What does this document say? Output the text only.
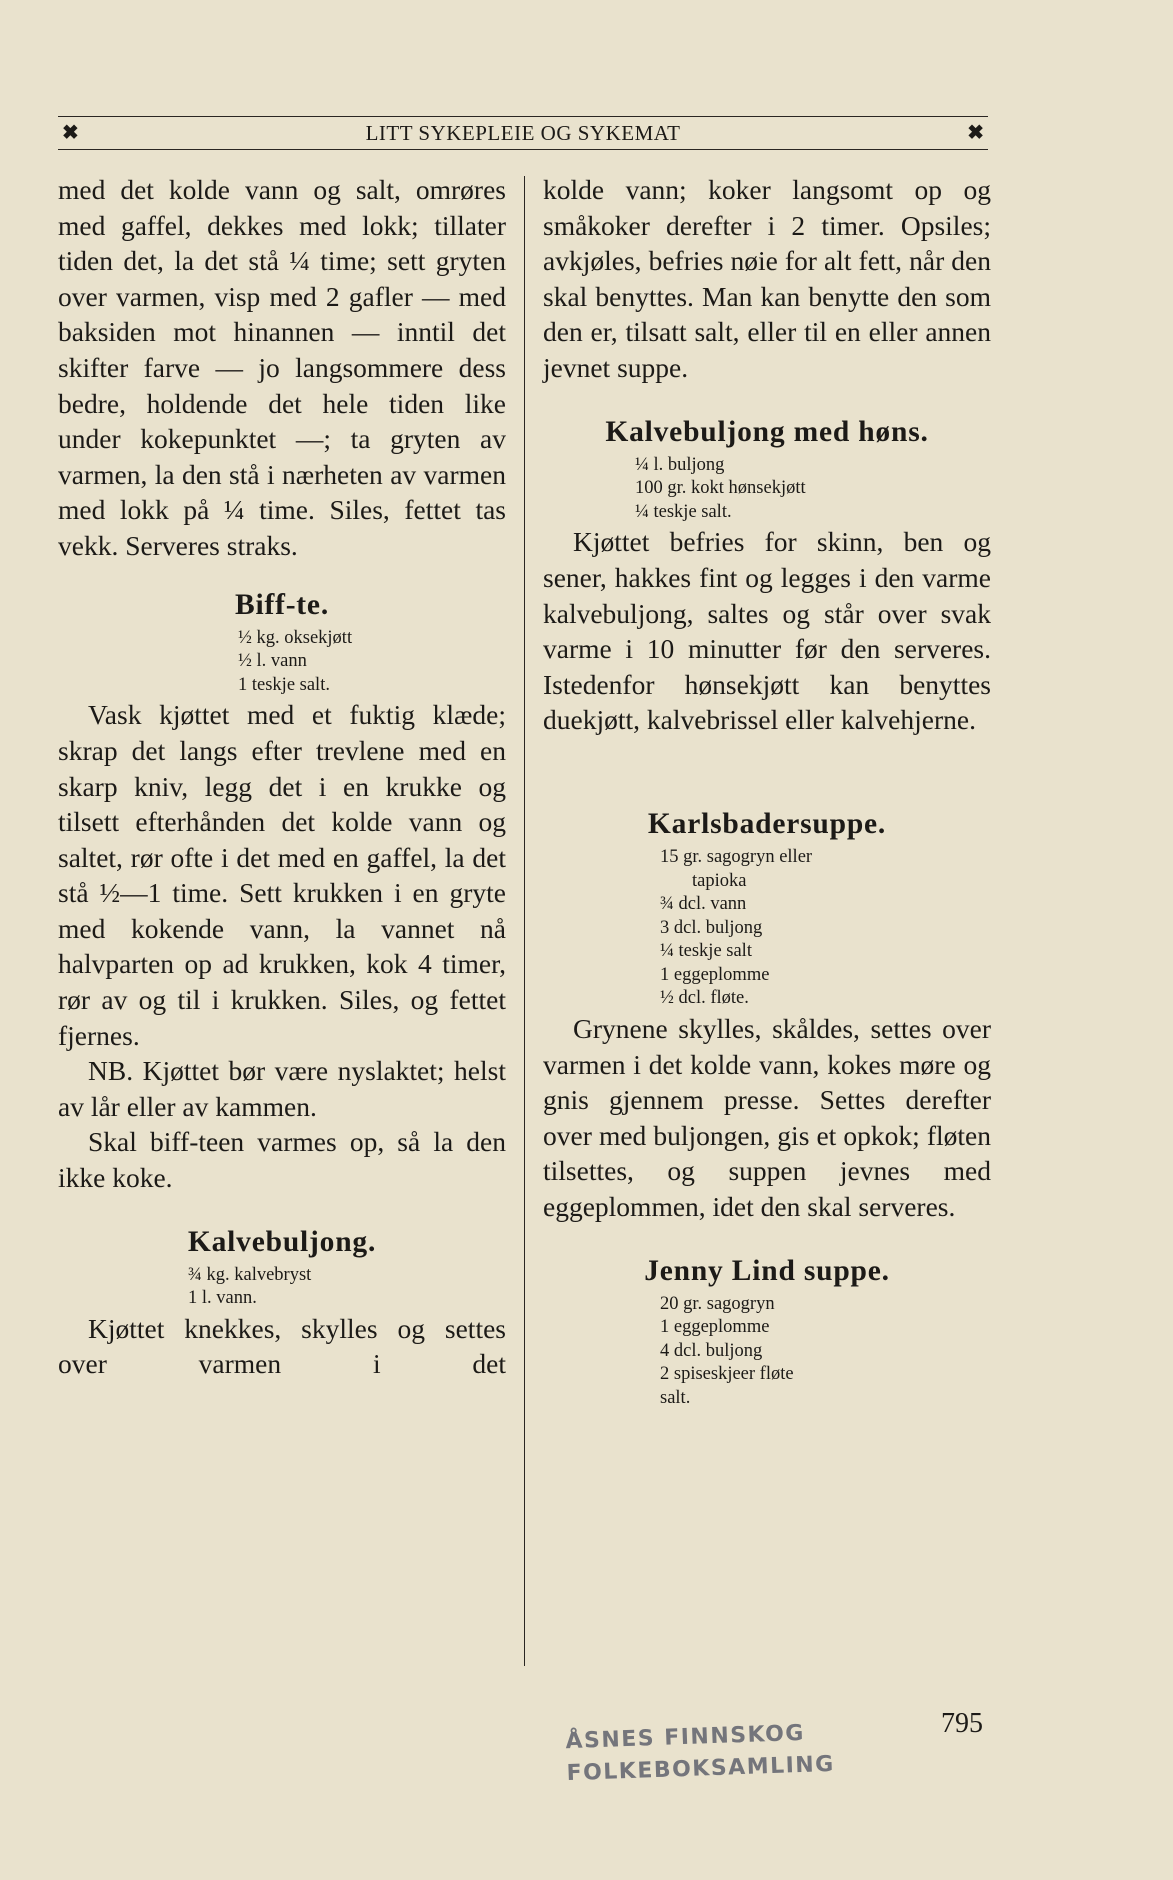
✖	LITT SYKEPLEIE OG SYKEMAT	✖

med det kolde vann og salt, omrøres med gaffel, dekkes med lokk; tillater tiden det, la det stå ¼ time; sett gryten over varmen, visp med 2 gafler — med baksiden mot hinannen — inntil det skifter farve — jo langsommere dess bedre, holdende det hele tiden like under kokepunktet —; ta gryten av varmen, la den stå i nærheten av varmen med lokk på ¼ time. Siles, fettet tas vekk. Serveres straks.

Biff-te.
½ kg. oksekjøtt
½ l. vann
1 teskje salt.

Vask kjøttet med et fuktig klæde; skrap det langs efter trevlene med en skarp kniv, legg det i en krukke og tilsett efterhånden det kolde vann og saltet, rør ofte i det med en gaffel, la det stå ½—1 time. Sett krukken i en gryte med kokende vann, la vannet nå halvparten op ad krukken, kok 4 timer, rør av og til i krukken. Siles, og fettet fjernes.

NB. Kjøttet bør være nyslaktet; helst av lår eller av kammen.

Skal biff-teen varmes op, så la den ikke koke.

Kalvebuljong.
¾ kg. kalvebryst
1 l. vann.

Kjøttet knekkes, skylles og settes over varmen i det

kolde vann; koker langsomt op og småkoker derefter i 2 timer. Opsiles; avkjøles, befries nøie for alt fett, når den skal benyttes. Man kan benytte den som den er, tilsatt salt, eller til en eller annen jevnet suppe.

Kalvebuljong med høns.
¼ l. buljong
100 gr. kokt hønsekjøtt
¼ teskje salt.

Kjøttet befries for skinn, ben og sener, hakkes fint og legges i den varme kalvebuljong, saltes og står over svak varme i 10 minutter før den serveres. Istedenfor hønsekjøtt kan benyttes duekjøtt, kalvebrissel eller kalvehjerne.

Karlsbadersuppe.
15 gr. sagogryn eller
tapioka
¾ dcl. vann
3 dcl. buljong
¼ teskje salt
1 eggeplomme
½ dcl. fløte.

Grynene skylles, skåldes, settes over varmen i det kolde vann, kokes møre og gnis gjennem presse. Settes derefter over med buljongen, gis et opkok; fløten tilsettes, og suppen jevnes med eggeplommen, idet den skal serveres.

Jenny Lind suppe.
20 gr. sagogryn
1 eggeplomme
4 dcl. buljong
2 spiseskjeer fløte
salt.
795
ÅSNES FINNSKOG
FOLKEBOKSAMLING
